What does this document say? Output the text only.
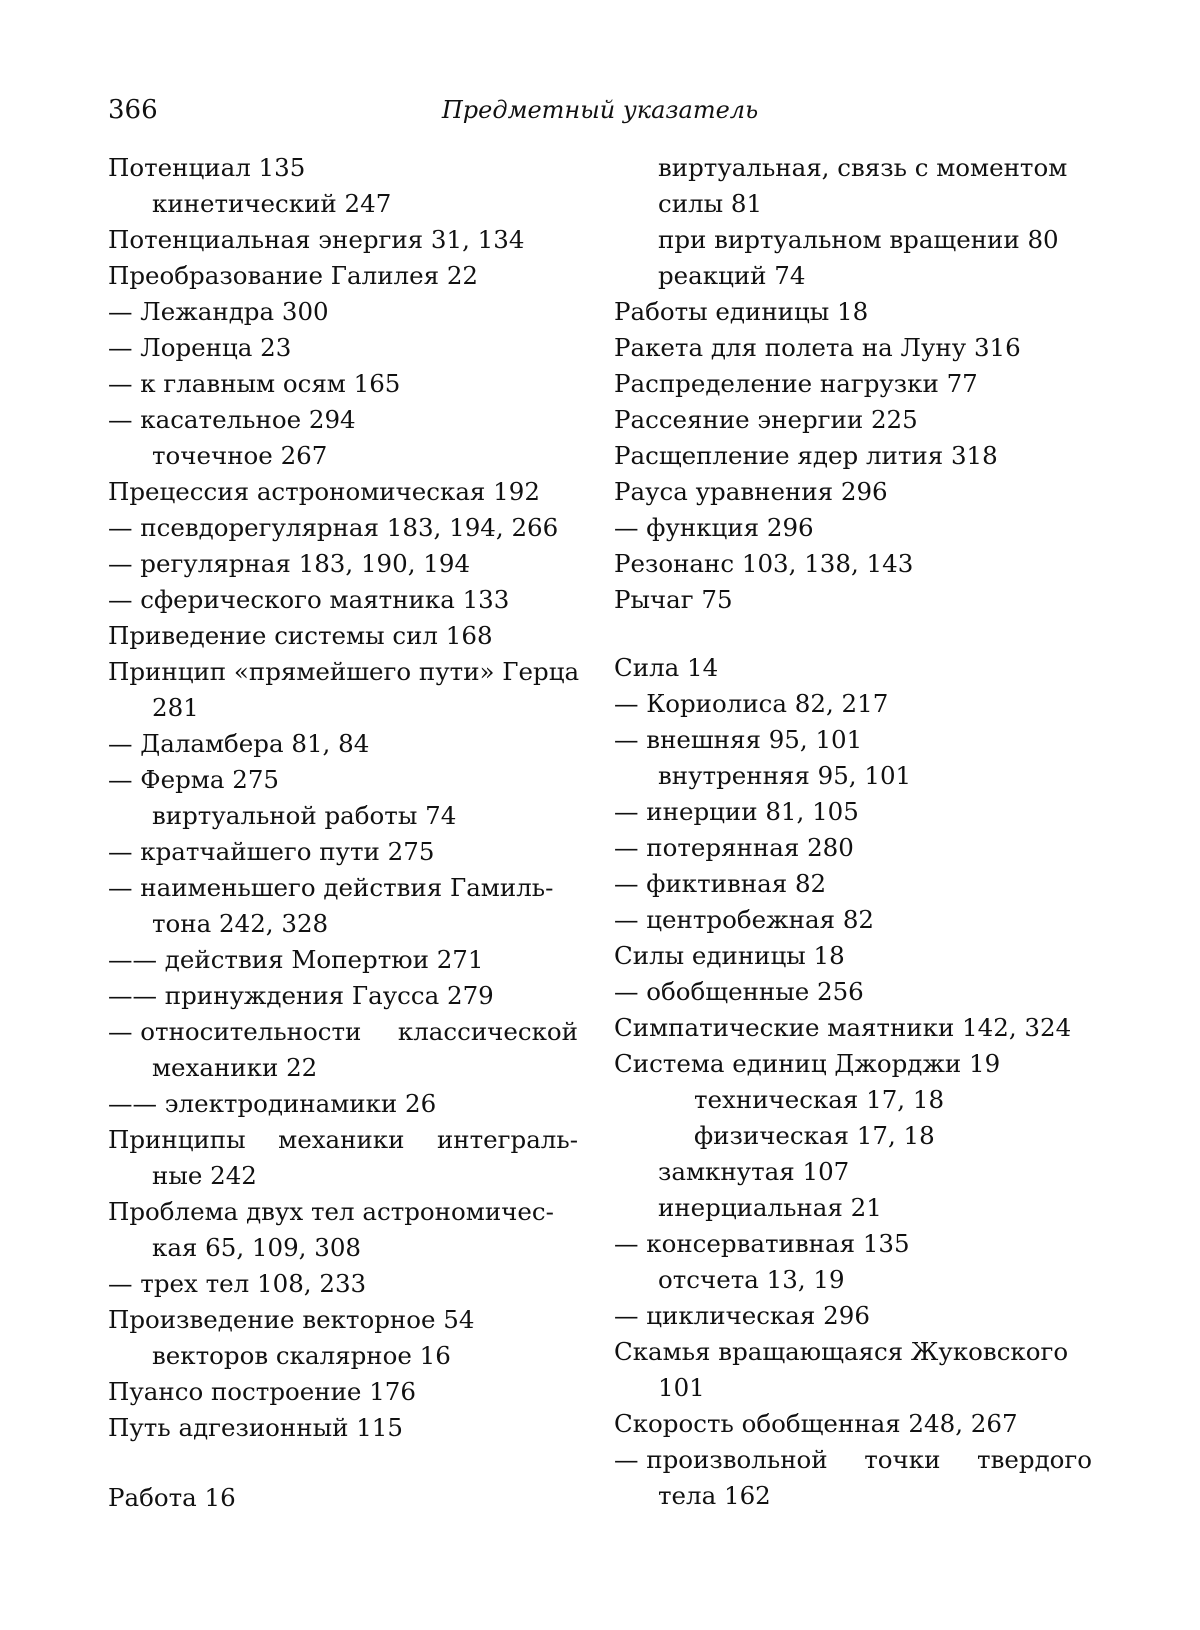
366	Предметный указатель

Потенциал 135

кинетический 247

Потенциальная энергия 31, 134

Преобразование Галилея 22

— Лежандра 300

— Лоренца 23

— к главным осям 165

— касательное 294

точечное 267

Прецессия астрономическая 192

— псевдорегулярная 183, 194, 266

— регулярная 183, 190, 194

— сферического маятника 133

Приведение системы сил 168

Принцип «прямейшего пути» Герца

281

— Даламбера 81, 84

— Ферма 275

виртуальной работы 74

— кратчайшего пути 275

— наименьшего действия Гамиль-

тона 242, 328

—— действия Мопертюи 271

—— принуждения Гаусса 279

— относительности классической

механики 22

—— электродинамики 26

Принципы механики интеграль-

ные 242

Проблема двух тел астрономичес-

кая 65, 109, 308

— трех тел 108, 233

Произведение векторное 54

векторов скалярное 16

Пуансо построение 176

Путь адгезионный 115

Работа 16

виртуальная, связь с моментом

силы 81

при виртуальном вращении 80

реакций 74

Работы единицы 18

Ракета для полета на Луну 316

Распределение нагрузки 77

Рассеяние энергии 225

Расщепление ядер лития 318

Рауса уравнения 296

— функция 296

Резонанс 103, 138, 143

Рычаг 75

Сила 14

— Кориолиса 82, 217

— внешняя 95, 101

внутренняя 95, 101

— инерции 81, 105

— потерянная 280

— фиктивная 82

— центробежная 82

Силы единицы 18

— обобщенные 256

Симпатические маятники 142, 324

Система единиц Джорджи 19

техническая 17, 18

физическая 17, 18

замкнутая 107

инерциальная 21

— консервативная 135

отсчета 13, 19

— циклическая 296

Скамья вращающаяся Жуковского

101

Скорость обобщенная 248, 267

— произвольной точки твердого

тела 162
